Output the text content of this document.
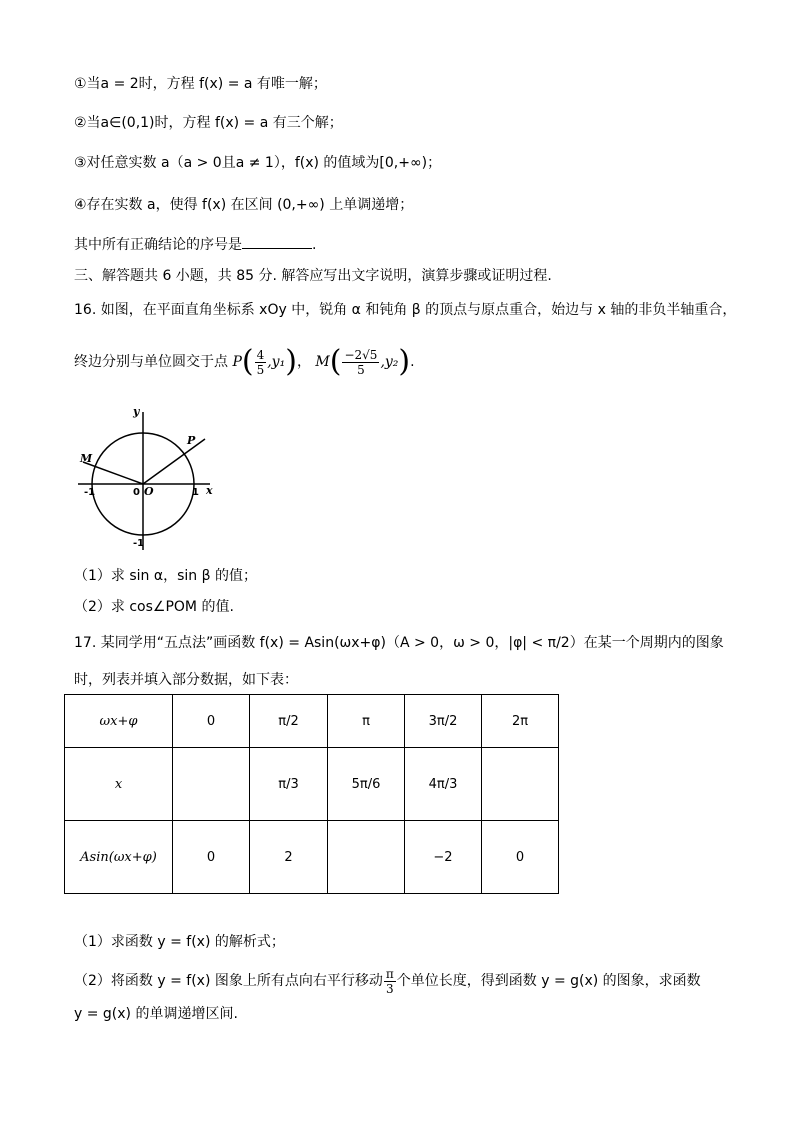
①当a = 2时，方程 f(x) = a 有唯一解；
②当a∈(0,1)时，方程 f(x) = a 有三个解；
③对任意实数 a（a > 0且a ≠ 1），f(x) 的值域为[0,+∞)；
④存在实数 a，使得 f(x) 在区间 (0,+∞) 上单调递增；
其中所有正确结论的序号是	.
三、解答题共 6 小题，共 85 分. 解答应写出文字说明，演算步骤或证明过程.
16. 如图，在平面直角坐标系 xOy 中，锐角 α 和钝角 β 的顶点与原点重合，始边与 x 轴的非负半轴重合，
终边分别与单位圆交于点 $P( \frac{4}{5} ,y_1)$， $M( \frac{-2√5}{5} ,y_2)$.
y
x
O
0
-1	1
-1
P
M
（1）求 sin α，sin β 的值；
（2）求 cos∠POM 的值.
17. 某同学用“五点法”画函数 f(x) = Asin(ωx+φ)（A > 0，ω > 0，|φ| < π/2）在某一个周期内的图象
时，列表并填入部分数据，如下表：
ωx+φ	0	π/2	π	3π/2	2π
x		π/3	5π/6	4π/3	
Asin(ωx+φ)	0	2		−2	0
（1）求函数 y = f(x) 的解析式；
（2）将函数 y = f(x) 图象上所有点向右平行移动 $\frac{\pi}{3}$ 个单位长度，得到函数 y = g(x) 的图象，求函数
y = g(x) 的单调递增区间.
